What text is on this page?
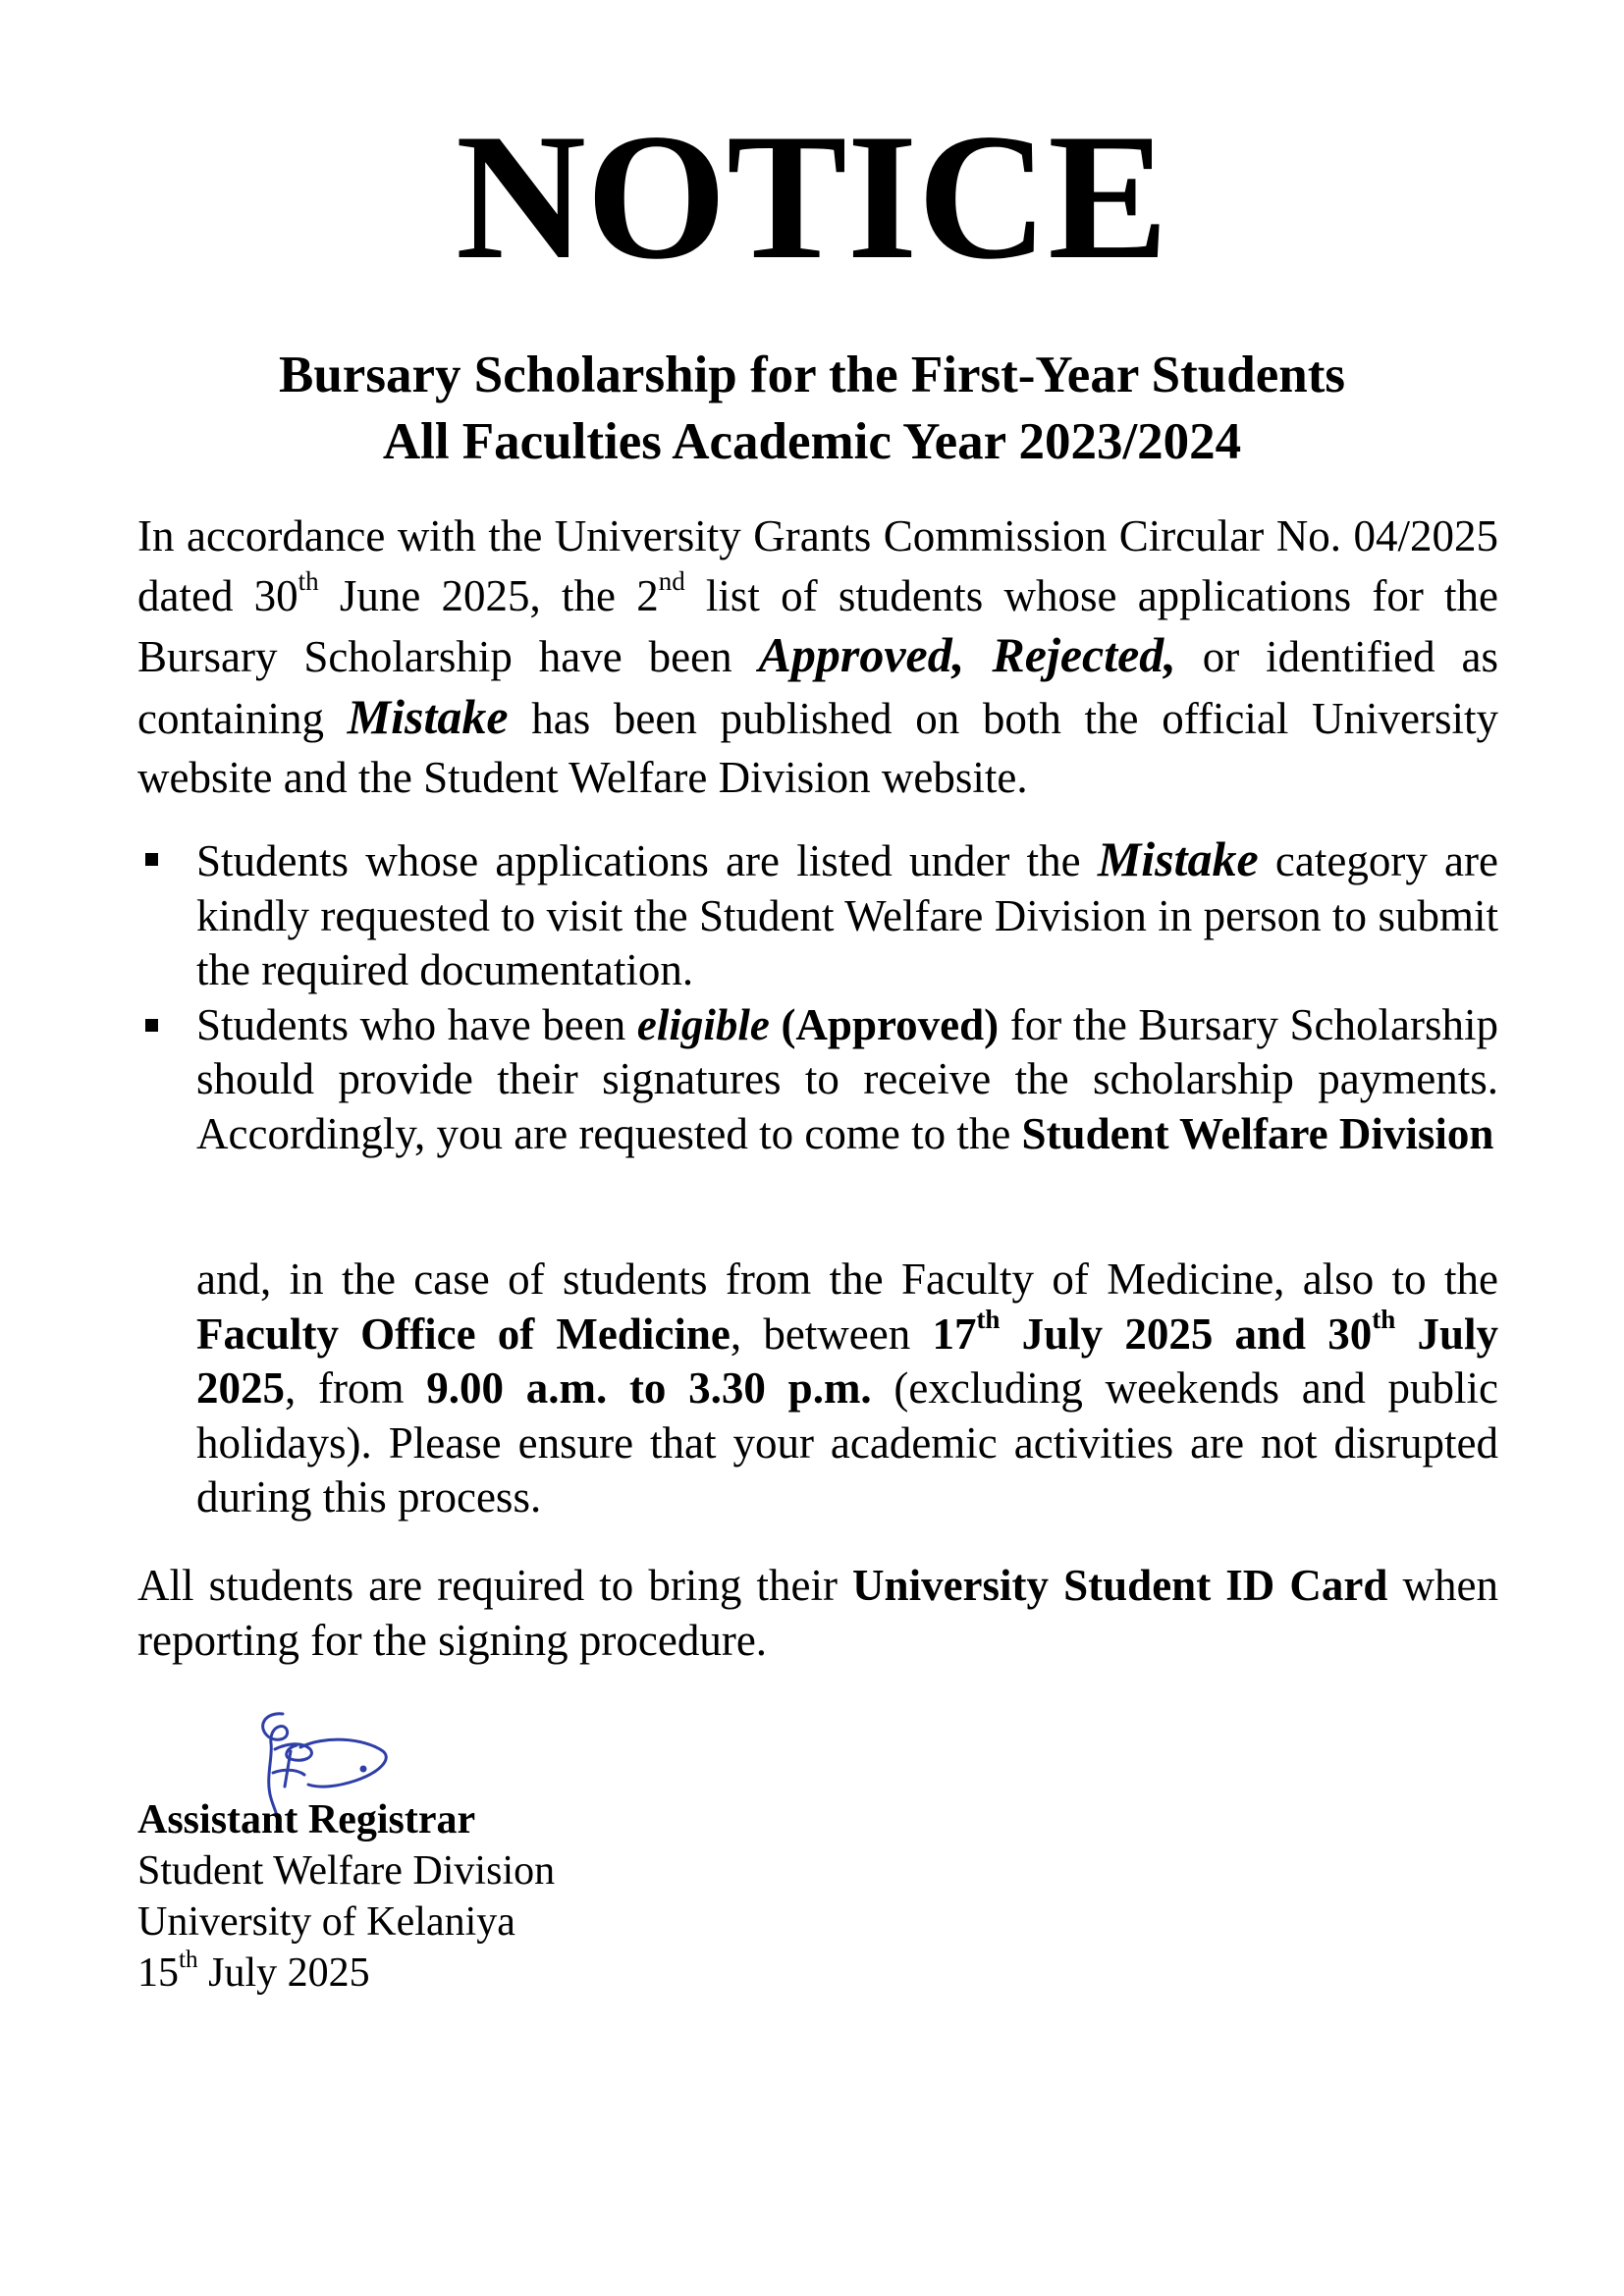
NOTICE
Bursary Scholarship for the First-Year Students
All Faculties Academic Year 2023/2024
In accordance with the University Grants Commission Circular No. 04/2025 dated 30th June 2025, the 2nd list of students whose applications for the Bursary Scholarship have been Approved, Rejected, or identified as containing Mistake has been published on both the official University website and the Student Welfare Division website.
Students whose applications are listed under the Mistake category are kindly requested to visit the Student Welfare Division in person to submit the required documentation.
Students who have been eligible (Approved) for the Bursary Scholarship should provide their signatures to receive the scholarship payments. Accordingly, you are requested to come to the Student Welfare Division
and, in the case of students from the Faculty of Medicine, also to the Faculty Office of Medicine, between 17th July 2025 and 30th July 2025, from 9.00 a.m. to 3.30 p.m. (excluding weekends and public holidays). Please ensure that your academic activities are not disrupted during this process.
All students are required to bring their University Student ID Card when reporting for the signing procedure.
Assistant Registrar
Student Welfare Division
University of Kelaniya
15th July 2025
